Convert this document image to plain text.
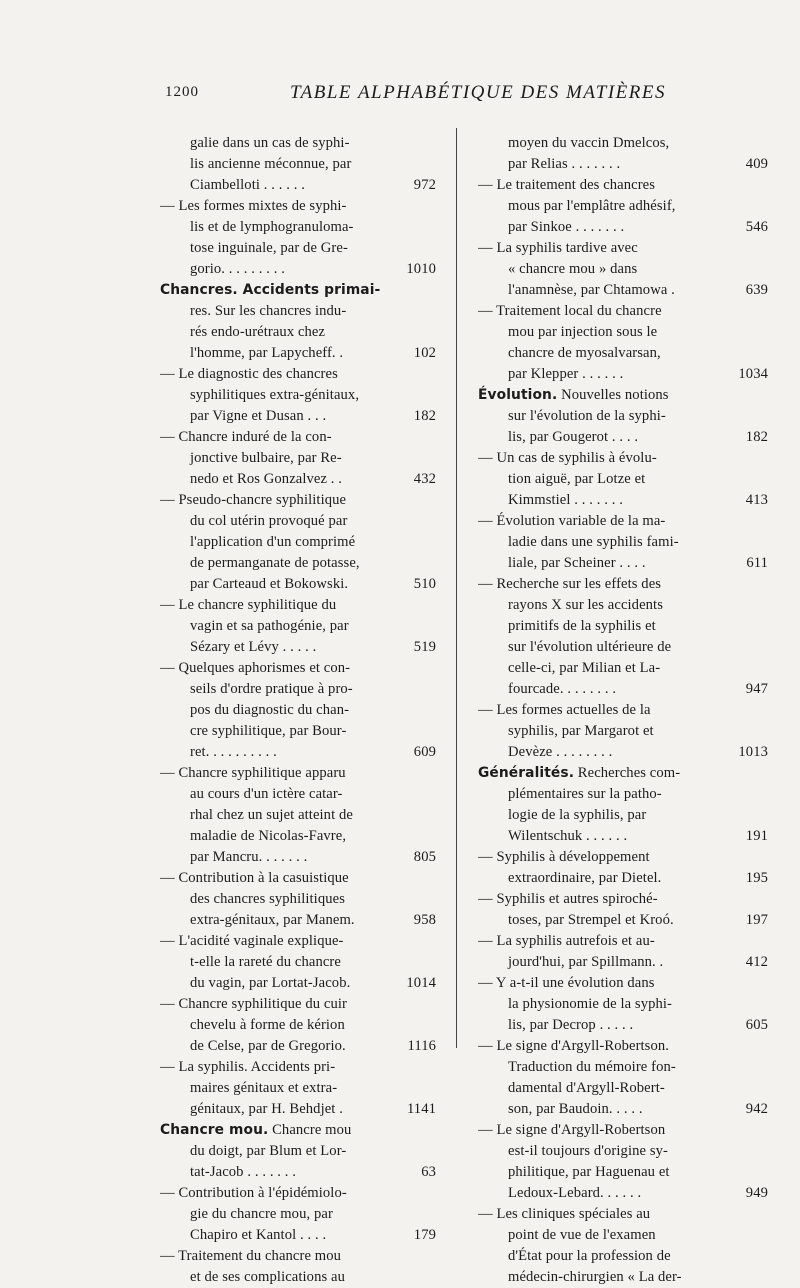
1200	TABLE ALPHABÉTIQUE DES MATIÈRES
galie dans un cas de syphi-
lis ancienne méconnue, par
Ciambelloti . . . . . .	972
— Les formes mixtes de syphi-
lis et de lymphogranuloma-
tose inguinale, par de Gre-
gorio. . . . . . . . .	1010
Chancres. Accidents primai-
res. Sur les chancres indu-
rés endo-urétraux chez
l'homme, par Lapycheff. .	102
— Le diagnostic des chancres
syphilitiques extra-génitaux,
par Vigne et Dusan . . .	182
— Chancre induré de la con-
jonctive bulbaire, par Re-
nedo et Ros Gonzalvez . .	432
— Pseudo-chancre syphilitique
du col utérin provoqué par
l'application d'un comprimé
de permanganate de potasse,
par Carteaud et Bokowski.	510
— Le chancre syphilitique du
vagin et sa pathogénie, par
Sézary et Lévy . . . . .	519
— Quelques aphorismes et con-
seils d'ordre pratique à pro-
pos du diagnostic du chan-
cre syphilitique, par Bour-
ret. . . . . . . . . .	609
— Chancre syphilitique apparu
au cours d'un ictère catar-
rhal chez un sujet atteint de
maladie de Nicolas-Favre,
par Mancru. . . . . . .	805
— Contribution à la casuistique
des chancres syphilitiques
extra-génitaux, par Manem.	958
— L'acidité vaginale explique-
t-elle la rareté du chancre
du vagin, par Lortat-Jacob.	1014
— Chancre syphilitique du cuir
chevelu à forme de kérion
de Celse, par de Gregorio.	1116
— La syphilis. Accidents pri-
maires génitaux et extra-
génitaux, par H. Behdjet .	1141
Chancre mou. Chancre mou
du doigt, par Blum et Lor-
tat-Jacob . . . . . . .	63
— Contribution à l'épidémiolo-
gie du chancre mou, par
Chapiro et Kantol . . . .	179
— Traitement du chancre mou
et de ses complications au
moyen du vaccin Dmelcos,
par Relias . . . . . . .	409
— Le traitement des chancres
mous par l'emplâtre adhésif,
par Sinkoe . . . . . . .	546
— La syphilis tardive avec
« chancre mou » dans
l'anamnèse, par Chtamowa .	639
— Traitement local du chancre
mou par injection sous le
chancre de myosalvarsan,
par Klepper . . . . . .	1034
Évolution. Nouvelles notions
sur l'évolution de la syphi-
lis, par Gougerot . . . .	182
— Un cas de syphilis à évolu-
tion aiguë, par Lotze et
Kimmstiel . . . . . . .	413
— Évolution variable de la ma-
ladie dans une syphilis fami-
liale, par Scheiner . . . .	611
— Recherche sur les effets des
rayons X sur les accidents
primitifs de la syphilis et
sur l'évolution ultérieure de
celle-ci, par Milian et La-
fourcade. . . . . . . .	947
— Les formes actuelles de la
syphilis, par Margarot et
Devèze . . . . . . . .	1013
Généralités. Recherches com-
plémentaires sur la patho-
logie de la syphilis, par
Wilentschuk . . . . . .	191
— Syphilis à développement
extraordinaire, par Dietel.	195
— Syphilis et autres spiroché-
toses, par Strempel et Kroó.	197
— La syphilis autrefois et au-
jourd'hui, par Spillmann. .	412
— Y a-t-il une évolution dans
la physionomie de la syphi-
lis, par Decrop . . . . .	605
— Le signe d'Argyll-Robertson.
Traduction du mémoire fon-
damental d'Argyll-Robert-
son, par Baudoin. . . . .	942
— Le signe d'Argyll-Robertson
est-il toujours d'origine sy-
philitique, par Haguenau et
Ledoux-Lebard. . . . . .	949
— Les cliniques spéciales au
point de vue de l'examen
d'État pour la profession de
médecin-chirurgien « La der-
